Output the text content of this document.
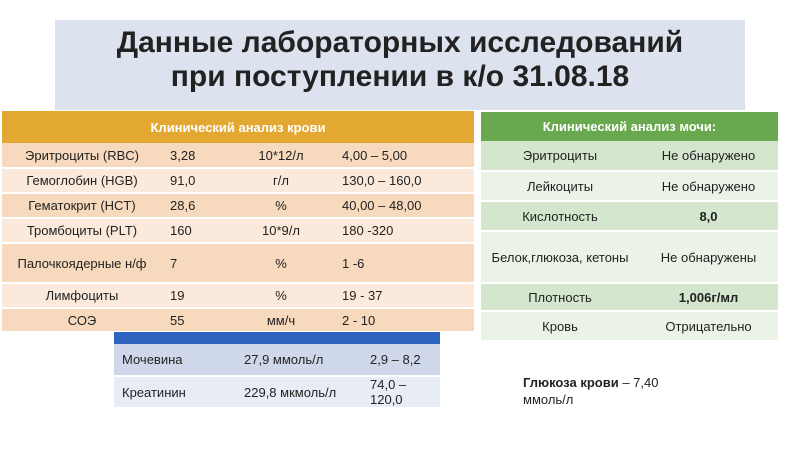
Данные лабораторных исследований
при поступлении в к/о 31.08.18
Клинический анализ крови			
Эритроциты (RBC)	3,28	10*12/л	4,00 – 5,00
Гемоглобин (HGB)	91,0	г/л	130,0 – 160,0
Гематокрит (HCT)	28,6	%	40,00 – 48,00
Тромбоциты (PLT)	160	10*9/л	180 -320
Палочкоядерные н/ф	7	%	1 -6
Лимфоциты	19	%	19 - 37
СОЭ	55	мм/ч	2 - 10
Клинический анализ мочи:	
Эритроциты	Не обнаружено
Лейкоциты	Не обнаружено
Кислотность	8,0
Белок,глюкоза, кетоны	Не обнаружены
Плотность	1,006г/мл
Кровь	Отрицательно

Мочевина	27,9 ммоль/л	2,9 – 8,2
Креатинин	229,8 мкмоль/л	74,0 – 120,0
Глюкоза крови – 7,40 ммоль/л
